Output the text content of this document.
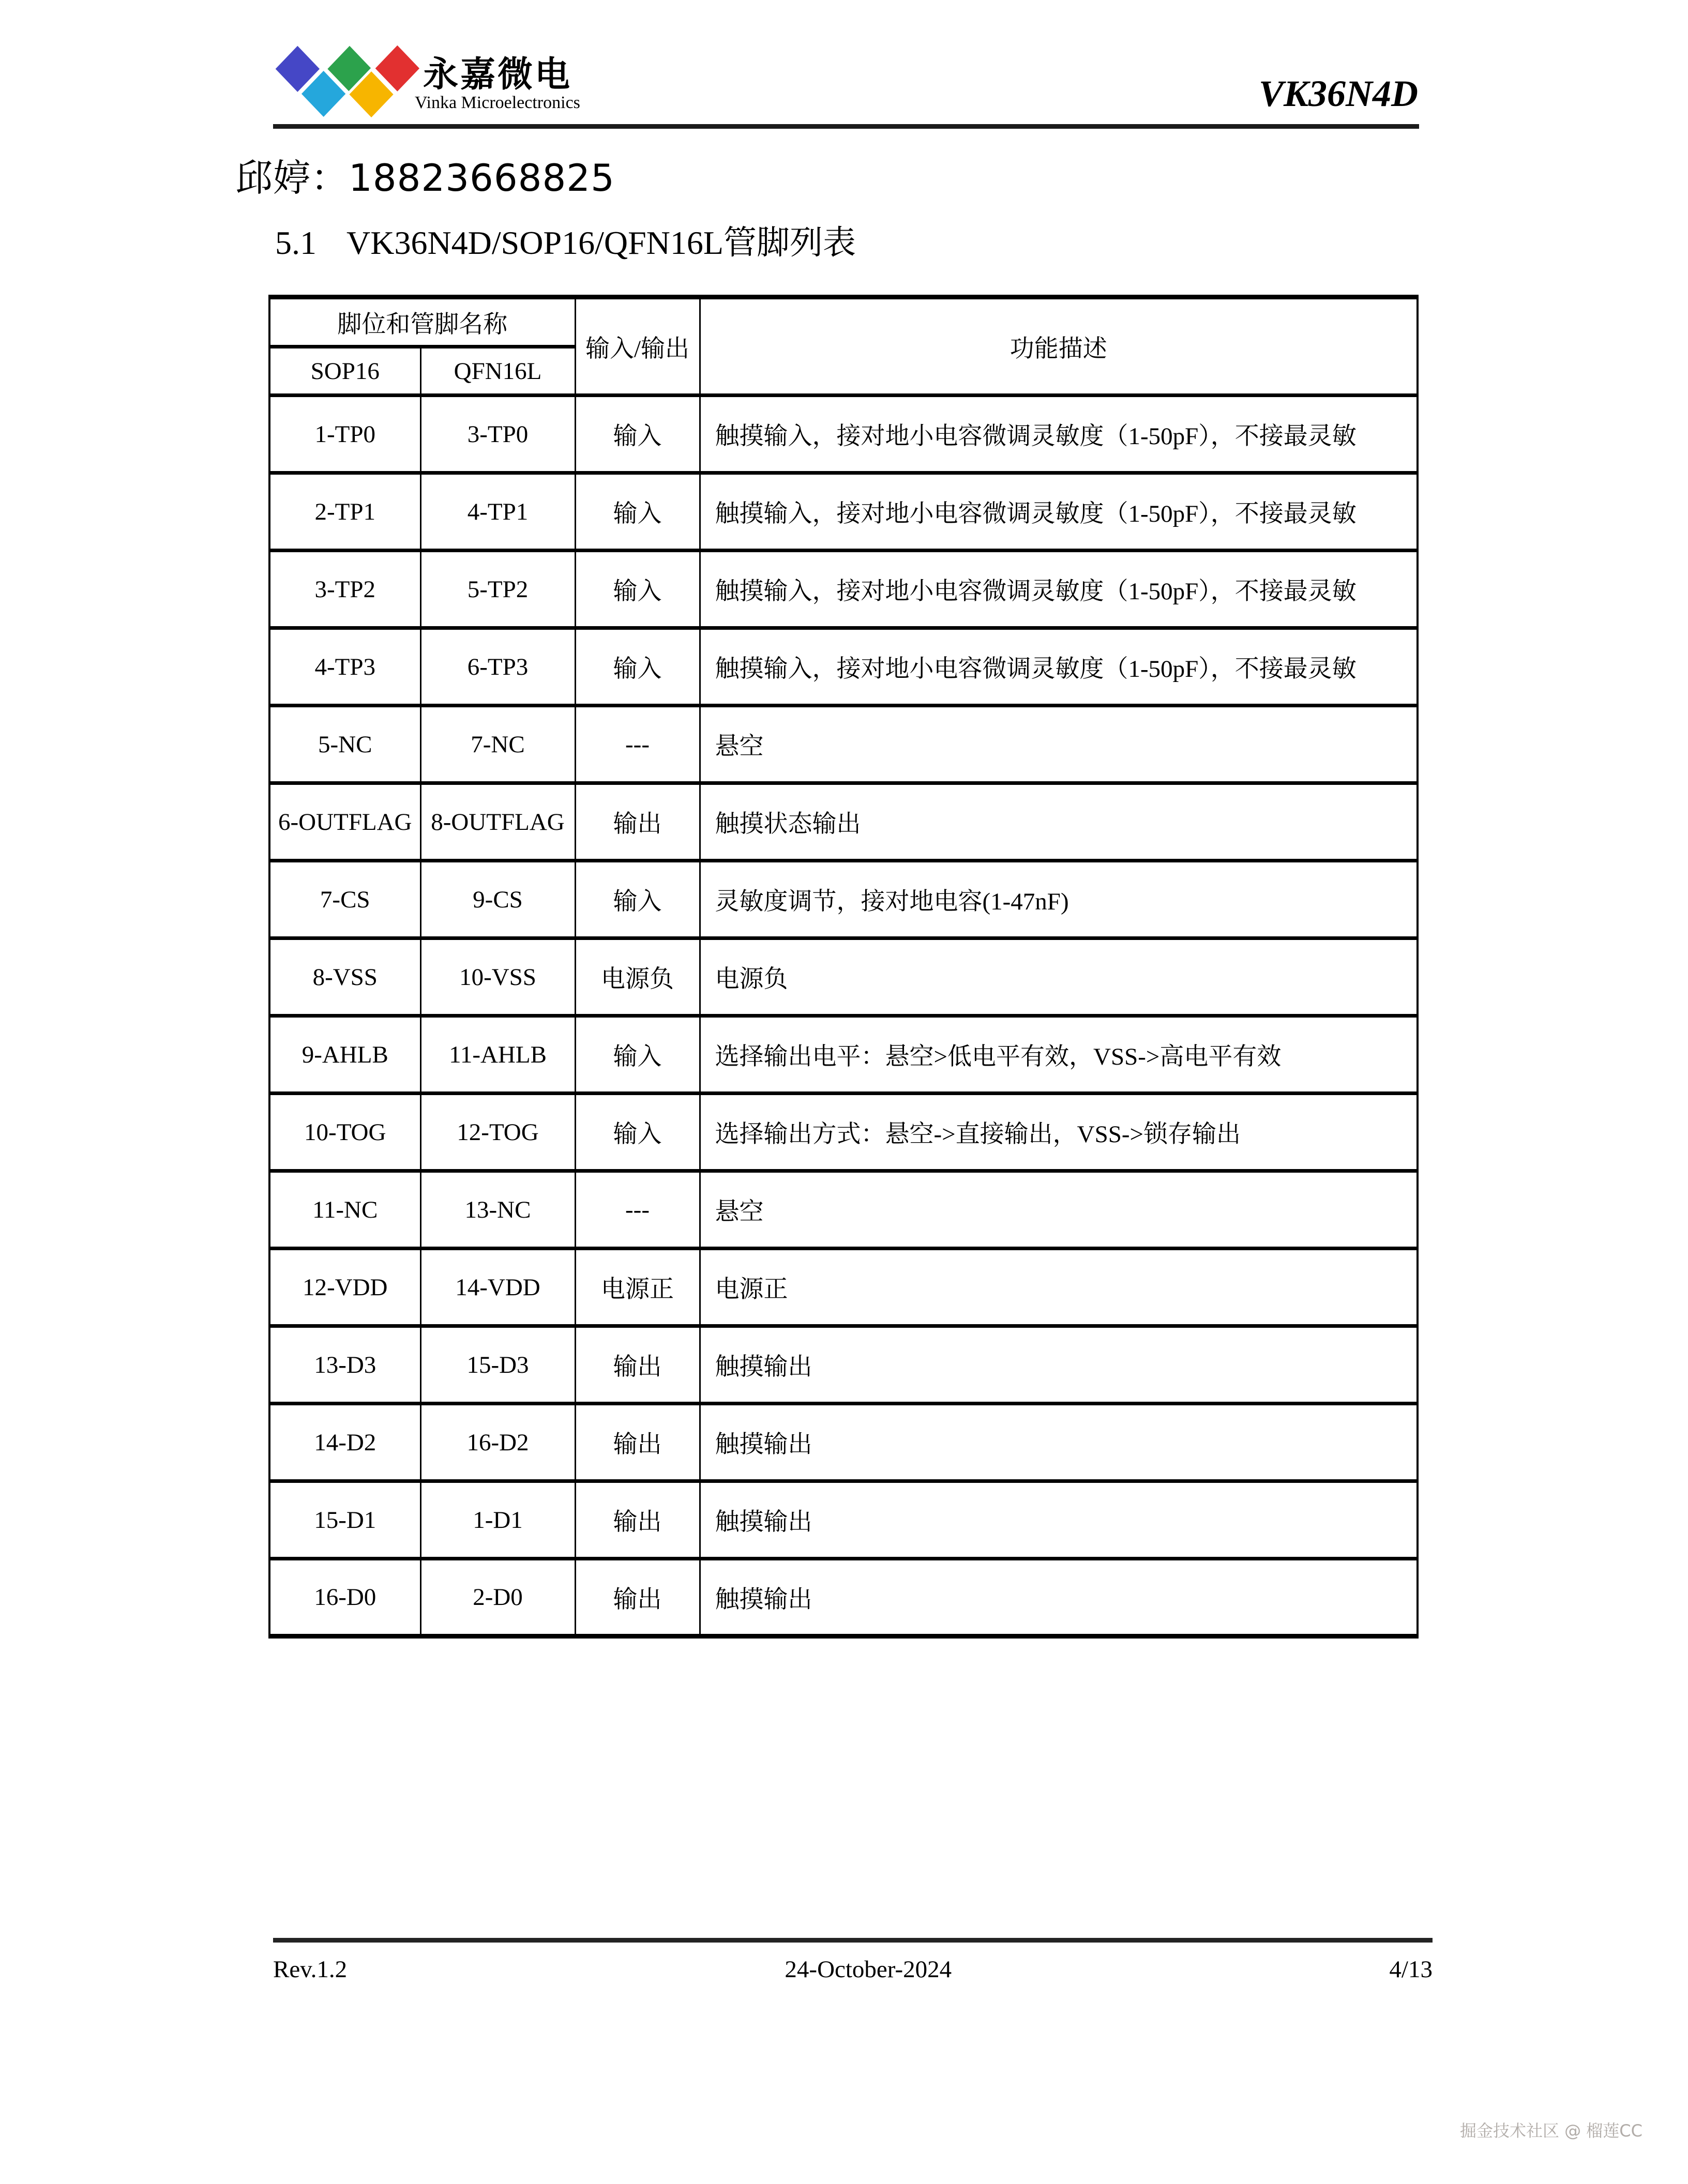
永嘉微电
Vinka Microelectronics	VK36N4D
邱婷：18823668825
5.1 VK36N4D/SOP16/QFN16L管脚列表
脚位和管脚名称		输入/输出	功能描述
SOP16	QFN16L		
1-TP0	3-TP0	输入	触摸输入，接对地小电容微调灵敏度（1-50pF），不接最灵敏
2-TP1	4-TP1	输入	触摸输入，接对地小电容微调灵敏度（1-50pF），不接最灵敏
3-TP2	5-TP2	输入	触摸输入，接对地小电容微调灵敏度（1-50pF），不接最灵敏
4-TP3	6-TP3	输入	触摸输入，接对地小电容微调灵敏度（1-50pF），不接最灵敏
5-NC	7-NC	---	悬空
6-OUTFLAG	8-OUTFLAG	输出	触摸状态输出
7-CS	9-CS	输入	灵敏度调节，接对地电容(1-47nF)
8-VSS	10-VSS	电源负	电源负
9-AHLB	11-AHLB	输入	选择输出电平：悬空>低电平有效，VSS->高电平有效
10-TOG	12-TOG	输入	选择输出方式：悬空->直接输出，VSS->锁存输出
11-NC	13-NC	---	悬空
12-VDD	14-VDD	电源正	电源正
13-D3	15-D3	输出	触摸输出
14-D2	16-D2	输出	触摸输出
15-D1	1-D1	输出	触摸输出
16-D0	2-D0	输出	触摸输出
Rev.1.2	24-October-2024	4/13
掘金技术社区 @ 榴莲CC
